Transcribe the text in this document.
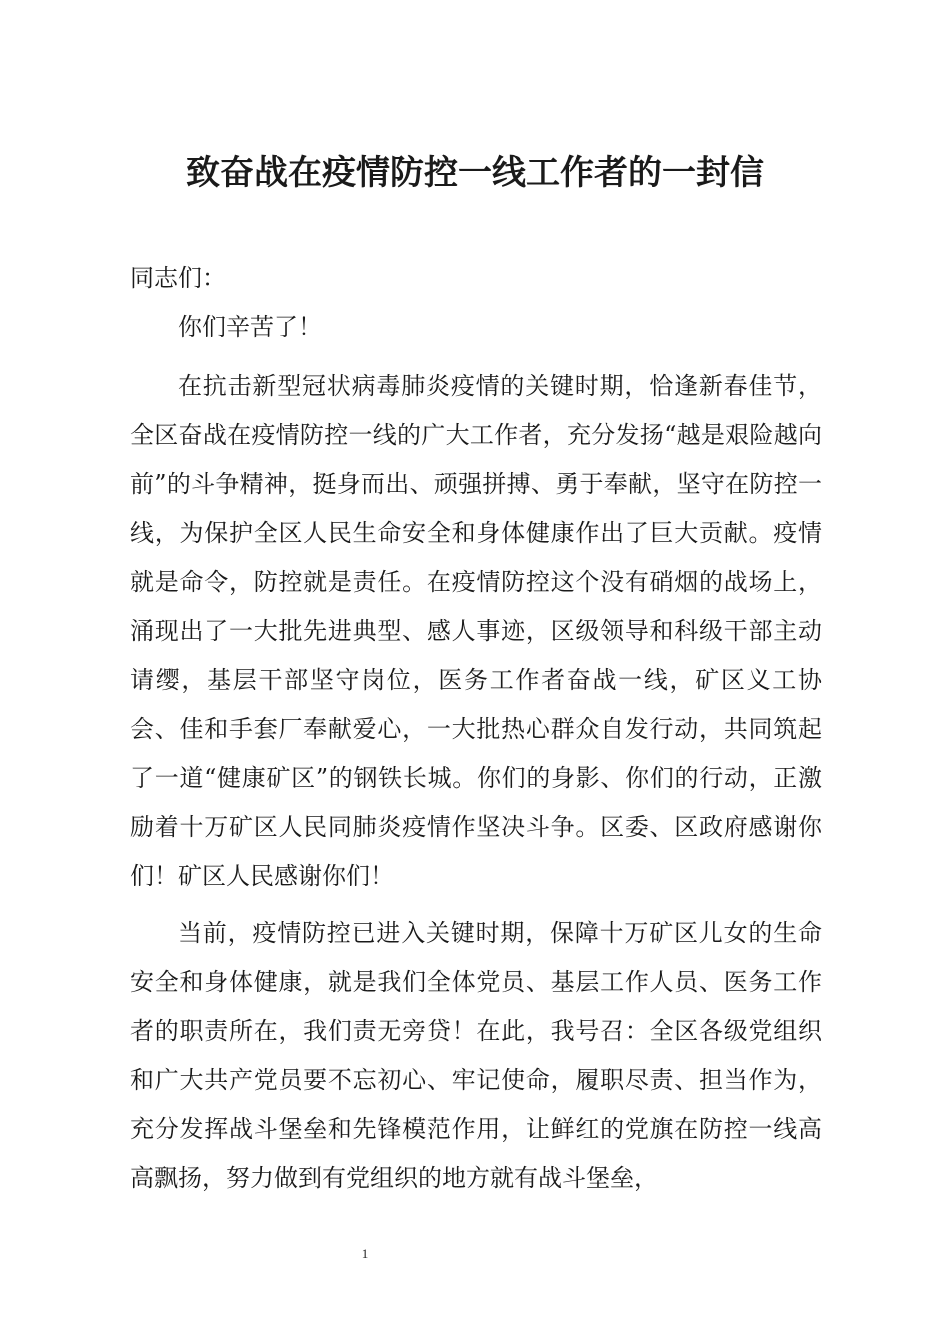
致奋战在疫情防控一线工作者的一封信

同志们：

你们辛苦了！

在抗击新型冠状病毒肺炎疫情的关键时期，恰逢新春佳节，全区奋战在疫情防控一线的广大工作者，充分发扬“越是艰险越向前”的斗争精神，挺身而出、顽强拼搏、勇于奉献，坚守在防控一线，为保护全区人民生命安全和身体健康作出了巨大贡献。疫情就是命令，防控就是责任。在疫情防控这个没有硝烟的战场上，涌现出了一大批先进典型、感人事迹，区级领导和科级干部主动请缨，基层干部坚守岗位，医务工作者奋战一线，矿区义工协会、佳和手套厂奉献爱心，一大批热心群众自发行动，共同筑起了一道“健康矿区”的钢铁长城。你们的身影、你们的行动，正激励着十万矿区人民同肺炎疫情作坚决斗争。区委、区政府感谢你们！矿区人民感谢你们！

当前，疫情防控已进入关键时期，保障十万矿区儿女的生命安全和身体健康，就是我们全体党员、基层工作人员、医务工作者的职责所在，我们责无旁贷！在此，我号召：全区各级党组织和广大共产党员要不忘初心、牢记使命，履职尽责、担当作为，充分发挥战斗堡垒和先锋模范作用，让鲜红的党旗在防控一线高高飘扬，努力做到有党组织的地方就有战斗堡垒，

1
